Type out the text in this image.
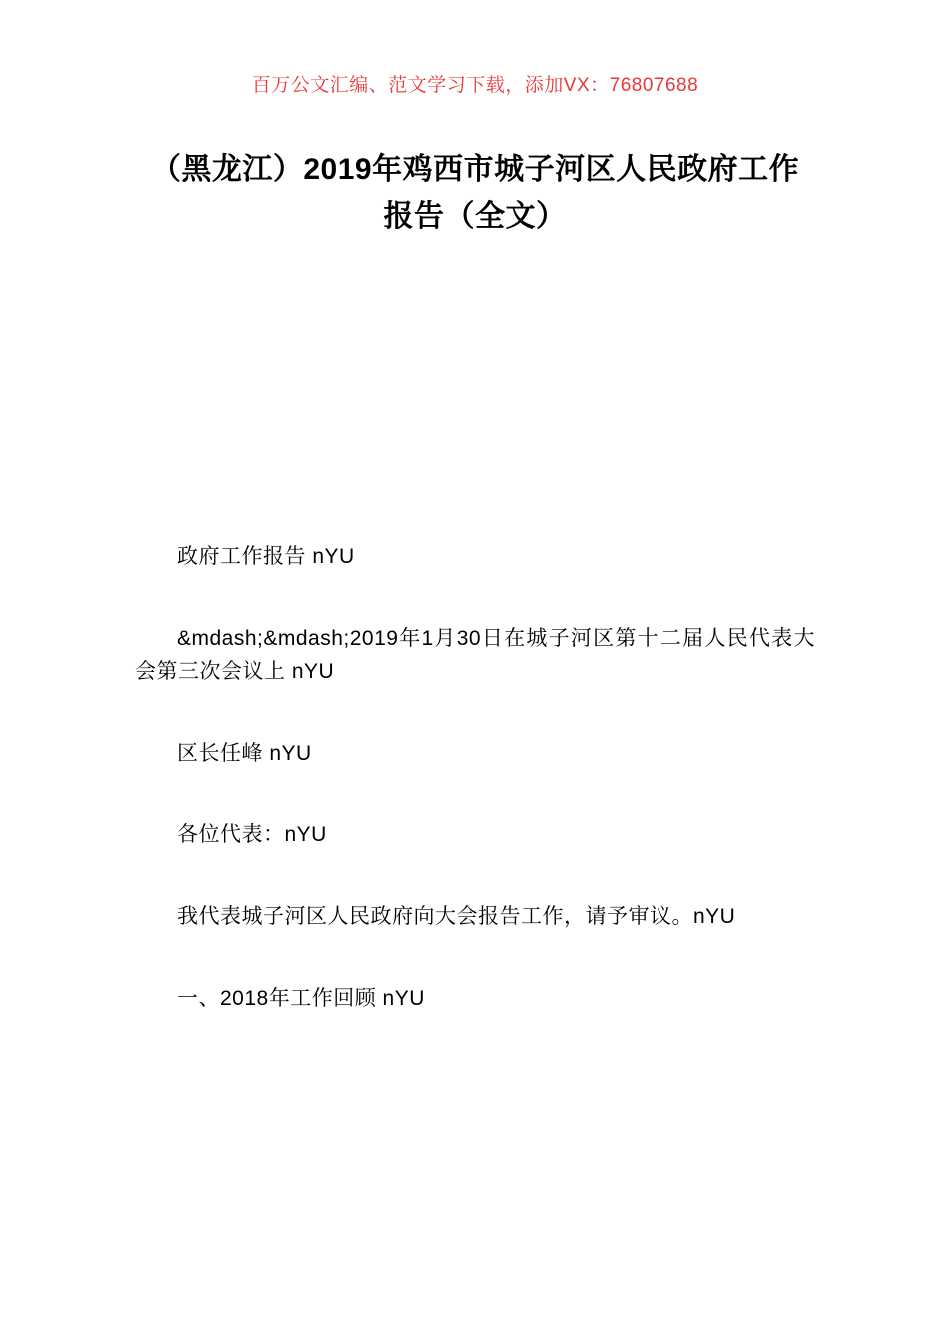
百万公文汇编、范文学习下载，添加VX：76807688
（黑龙江）2019年鸡西市城子河区人民政府工作报告（全文）

政府工作报告 nYU

&mdash;&mdash;2019年1月30日在城子河区第十二届人民代表大会第三次会议上 nYU

区长任峰 nYU

各位代表：nYU

我代表城子河区人民政府向大会报告工作，请予审议。nYU

一、2018年工作回顾 nYU
